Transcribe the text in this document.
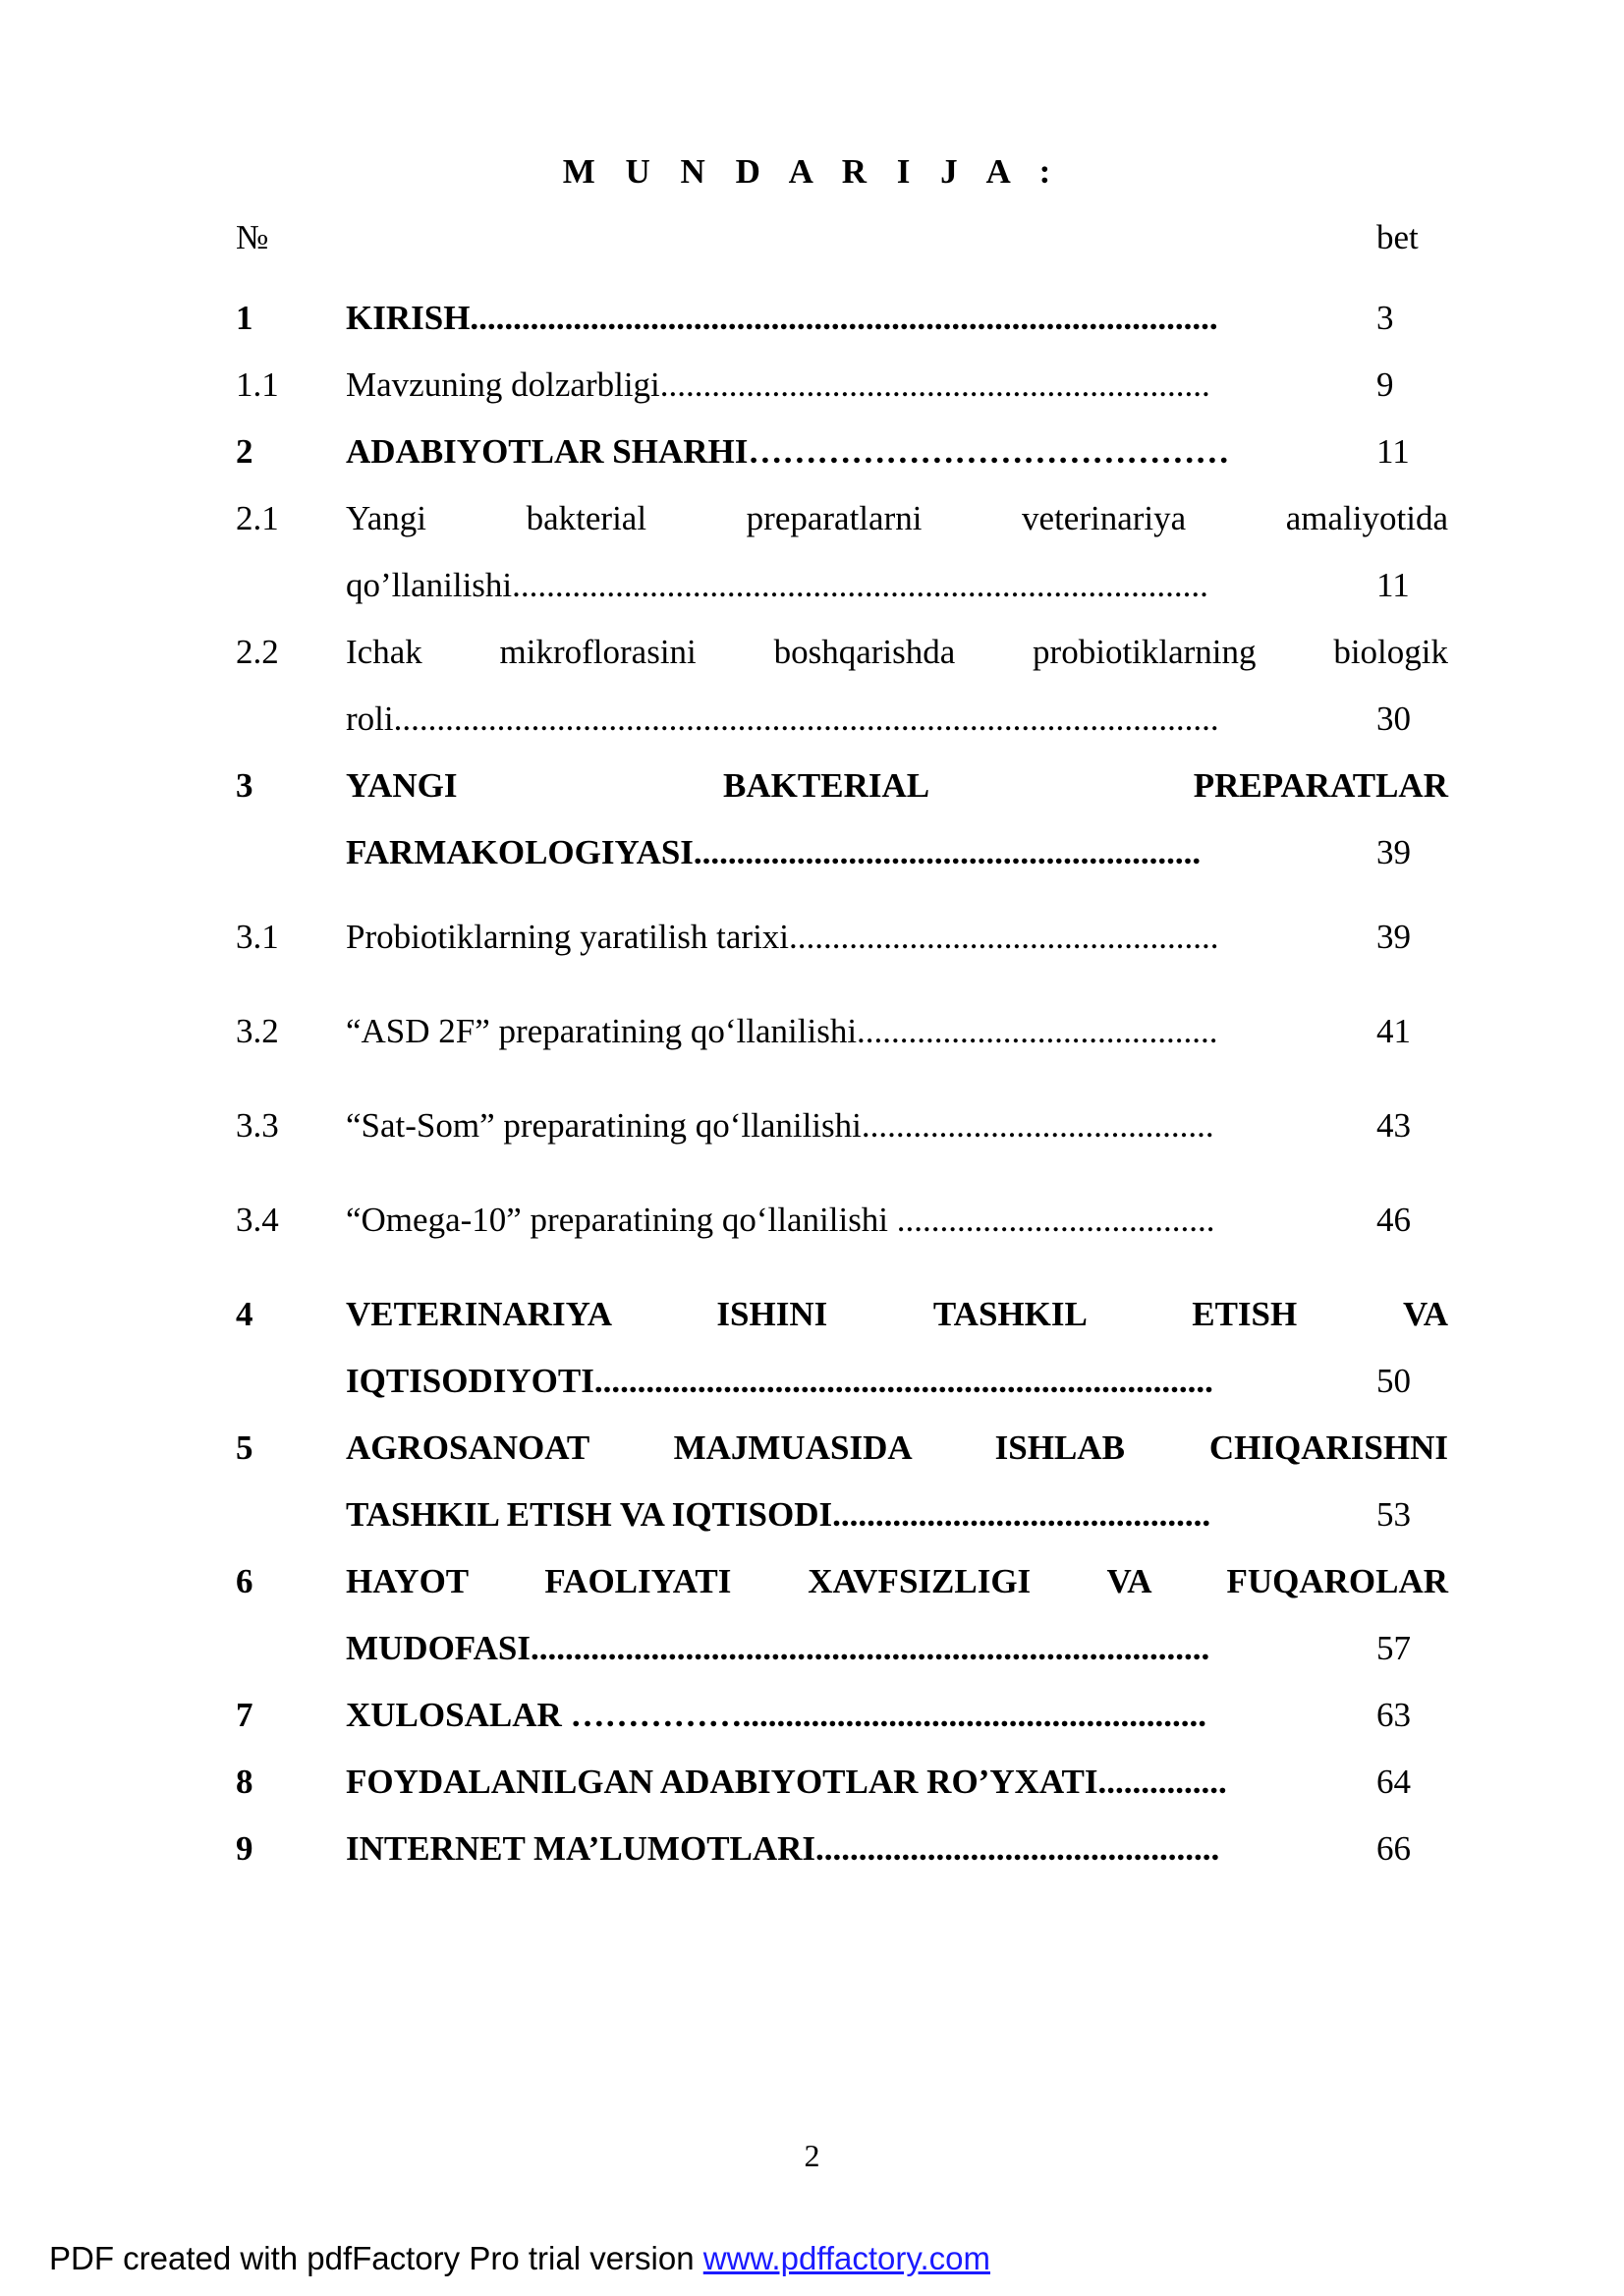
M U N D A R I J A :
№	bet
1	KIRISH.......................................................................................	3
1.1 Mavzuning dolzarbligi................................................................	9
2	ADABIYOTLAR SHARHI……………………………………	11
2.1 Yangi bakterial preparatlarni veterinariya amaliyotida
qo’llanilishi.................................................................................	11
2.2 Ichak mikroflorasini boshqarishda probiotiklarning biologik
roli................................................................................................	30
3	YANGI BAKTERIAL PREPARATLAR
FARMAKOLOGIYASI...........................................................	39
3.1 Probiotiklarning yaratilish tarixi..................................................	39
3.2 “ASD 2F” preparatining qo‘llanilishi..........................................	41
3.3 “Sat-Som” preparatining qo‘llanilishi.........................................	43
3.4 “Omega-10” preparatining qo‘llanilishi .....................................	46
4	VETERINARIYA ISHINI TASHKIL ETISH VA
IQTISODIYOTI........................................................................	50
5	AGROSANOAT MAJMUASIDA ISHLAB CHIQARISHNI
TASHKIL ETISH VA IQTISODI............................................	53
6	HAYOT FAOLIYATI XAVFSIZLIGI VA FUQAROLAR
MUDOFASI...............................................................................	57
7	XULOSALAR ……………......................................................	63
8	FOYDALANILGAN ADABIYOTLAR RO’YXATI...............	64
9	INTERNET MA’LUMOTLARI...............................................	66
2
PDF created with pdfFactory Pro trial version www.pdffactory.com
